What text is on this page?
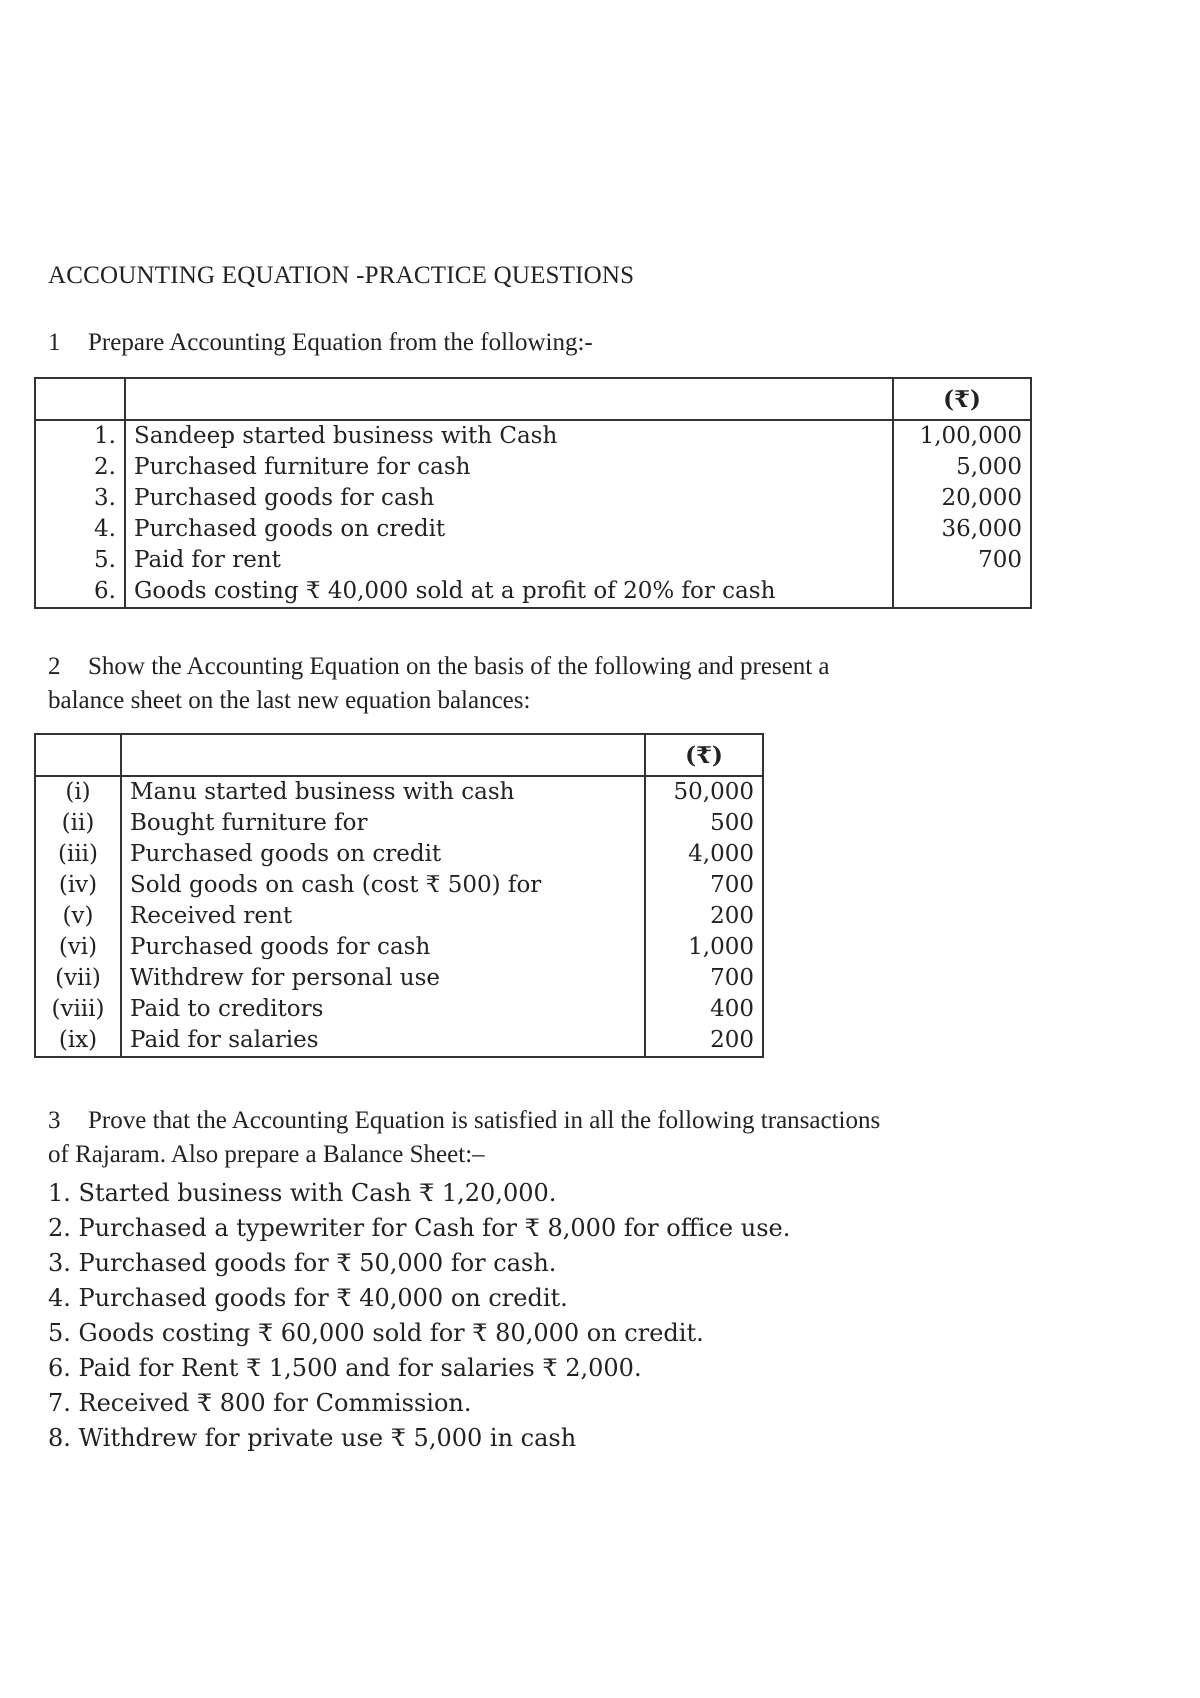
ACCOUNTING EQUATION -PRACTICE QUESTIONS
1 Prepare Accounting Equation from the following:-
		(₹)
1.	Sandeep started business with Cash	1,00,000
2.	Purchased furniture for cash	5,000
3.	Purchased goods for cash	20,000
4.	Purchased goods on credit	36,000
5.	Paid for rent	700
6.	Goods costing ₹ 40,000 sold at a profit of 20% for cash	
2 Show the Accounting Equation on the basis of the following and present a
balance sheet on the last new equation balances:
		(₹)
(i)	Manu started business with cash	50,000
(ii)	Bought furniture for	500
(iii)	Purchased goods on credit	4,000
(iv)	Sold goods on cash (cost ₹ 500) for	700
(v)	Received rent	200
(vi)	Purchased goods for cash	1,000
(vii)	Withdrew for personal use	700
(viii)	Paid to creditors	400
(ix)	Paid for salaries	200
3 Prove that the Accounting Equation is satisfied in all the following transactions
of Rajaram. Also prepare a Balance Sheet:–
1. Started business with Cash ₹ 1,20,000.
2. Purchased a typewriter for Cash for ₹ 8,000 for office use.
3. Purchased goods for ₹ 50,000 for cash.
4. Purchased goods for ₹ 40,000 on credit.
5. Goods costing ₹ 60,000 sold for ₹ 80,000 on credit.
6. Paid for Rent ₹ 1,500 and for salaries ₹ 2,000.
7. Received ₹ 800 for Commission.
8. Withdrew for private use ₹ 5,000 in cash
